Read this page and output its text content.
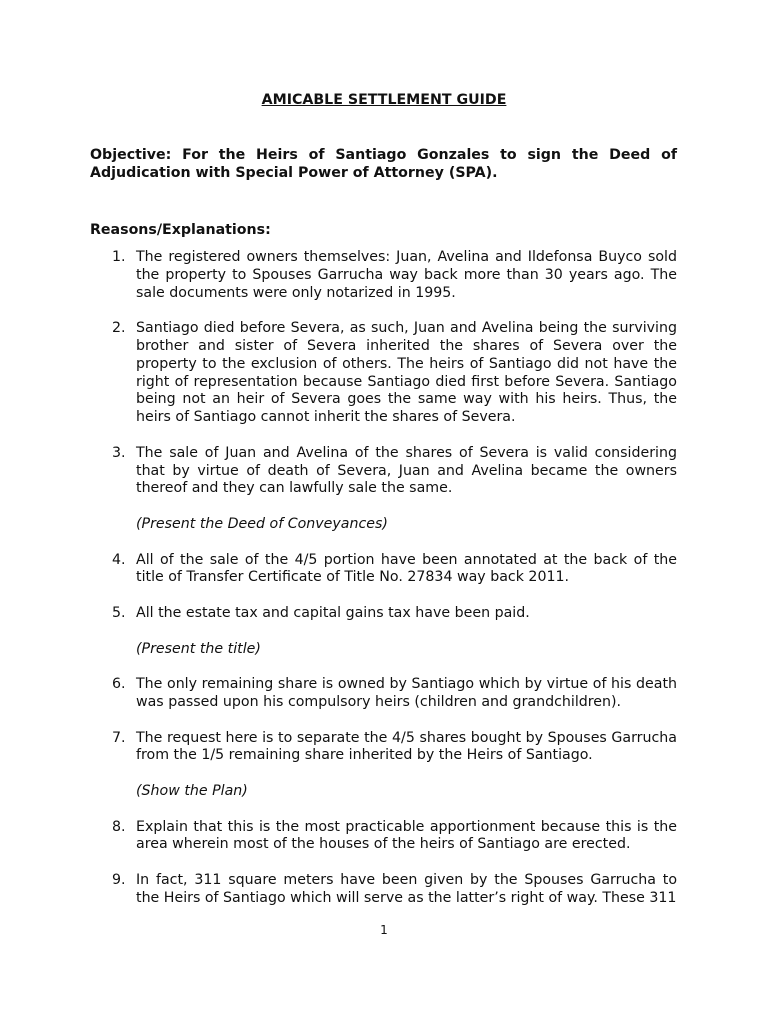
AMICABLE SETTLEMENT GUIDE
Objective: For the Heirs of Santiago Gonzales to sign the Deed of Adjudication with Special Power of Attorney (SPA).
Reasons/Explanations:
1. The registered owners themselves: Juan, Avelina and Ildefonsa Buyco sold the property to Spouses Garrucha way back more than 30 years ago. The sale documents were only notarized in 1995.
2. Santiago died before Severa, as such, Juan and Avelina being the surviving brother and sister of Severa inherited the shares of Severa over the property to the exclusion of others. The heirs of Santiago did not have the right of representation because Santiago died first before Severa. Santiago being not an heir of Severa goes the same way with his heirs. Thus, the heirs of Santiago cannot inherit the shares of Severa.
3. The sale of Juan and Avelina of the shares of Severa is valid considering that by virtue of death of Severa, Juan and Avelina became the owners thereof and they can lawfully sale the same.
(Present the Deed of Conveyances)
4. All of the sale of the 4/5 portion have been annotated at the back of the title of Transfer Certificate of Title No. 27834 way back 2011.
5. All the estate tax and capital gains tax have been paid.
(Present the title)
6. The only remaining share is owned by Santiago which by virtue of his death was passed upon his compulsory heirs (children and grandchildren).
7. The request here is to separate the 4/5 shares bought by Spouses Garrucha from the 1/5 remaining share inherited by the Heirs of Santiago.
(Show the Plan)
8. Explain that this is the most practicable apportionment because this is the area wherein most of the houses of the heirs of Santiago are erected.
9. In fact, 311 square meters have been given by the Spouses Garrucha to the Heirs of Santiago which will serve as the latter’s right of way. These 311
1
